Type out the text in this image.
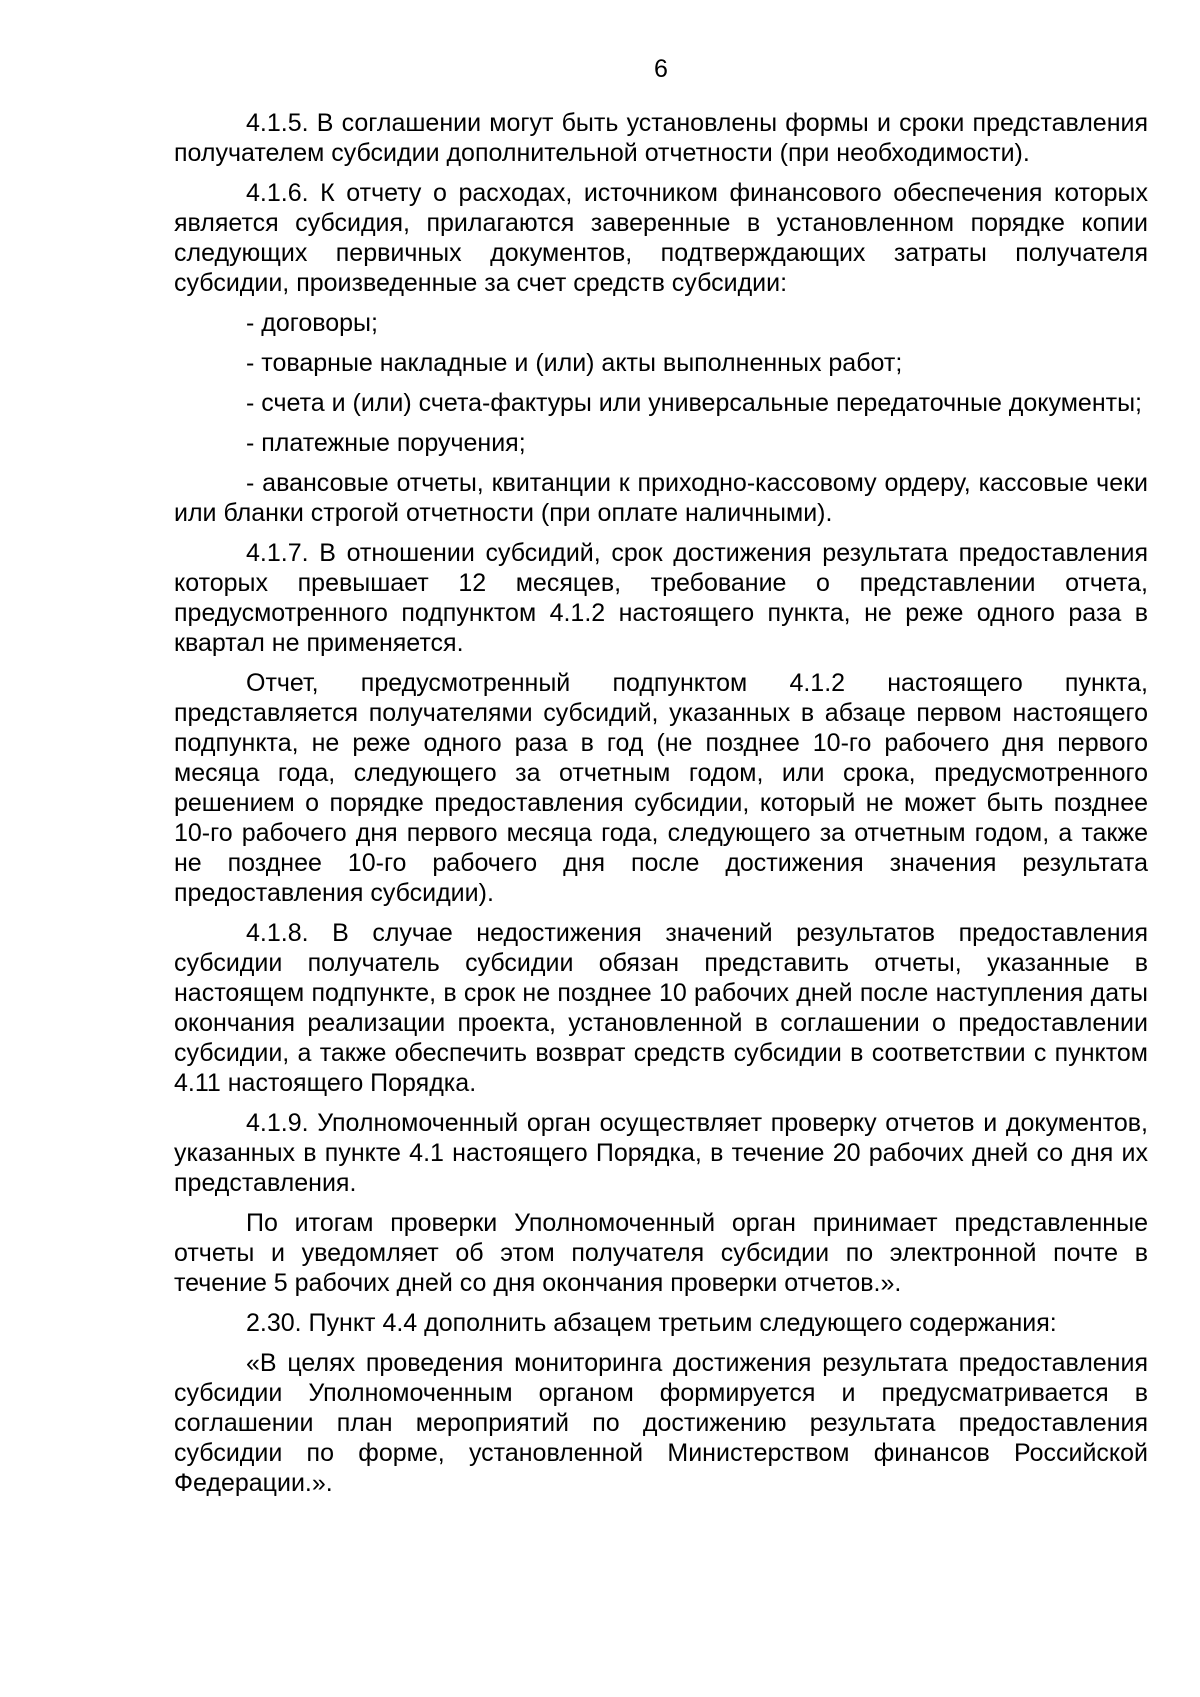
6

4.1.5. В соглашении могут быть установлены формы и сроки представления получателем субсидии дополнительной отчетности (при необходимости).

4.1.6. К отчету о расходах, источником финансового обеспечения которых является субсидия, прилагаются заверенные в установленном порядке копии следующих первичных документов, подтверждающих затраты получателя субсидии, произведенные за счет средств субсидии:

- договоры;

- товарные накладные и (или) акты выполненных работ;

- счета и (или) счета-фактуры или универсальные передаточные документы;

- платежные поручения;

- авансовые отчеты, квитанции к приходно-кассовому ордеру, кассовые чеки или бланки строгой отчетности (при оплате наличными).

4.1.7. В отношении субсидий, срок достижения результата предоставления которых превышает 12 месяцев, требование о представлении отчета, предусмотренного подпунктом 4.1.2 настоящего пункта, не реже одного раза в квартал не применяется.

Отчет, предусмотренный подпунктом 4.1.2 настоящего пункта, представляется получателями субсидий, указанных в абзаце первом настоящего подпункта, не реже одного раза в год (не позднее 10-го рабочего дня первого месяца года, следующего за отчетным годом, или срока, предусмотренного решением о порядке предоставления субсидии, который не может быть позднее 10-го рабочего дня первого месяца года, следующего за отчетным годом, а также не позднее 10-го рабочего дня после достижения значения результата предоставления субсидии).

4.1.8. В случае недостижения значений результатов предоставления субсидии получатель субсидии обязан представить отчеты, указанные в настоящем подпункте, в срок не позднее 10 рабочих дней после наступления даты окончания реализации проекта, установленной в соглашении о предоставлении субсидии, а также обеспечить возврат средств субсидии в соответствии с пунктом 4.11 настоящего Порядка.

4.1.9. Уполномоченный орган осуществляет проверку отчетов и документов, указанных в пункте 4.1 настоящего Порядка, в течение 20 рабочих дней со дня их представления.

По итогам проверки Уполномоченный орган принимает представленные отчеты и уведомляет об этом получателя субсидии по электронной почте в течение 5 рабочих дней со дня окончания проверки отчетов.».

2.30. Пункт 4.4 дополнить абзацем третьим следующего содержания:

«В целях проведения мониторинга достижения результата предоставления субсидии Уполномоченным органом формируется и предусматривается в соглашении план мероприятий по достижению результата предоставления субсидии по форме, установленной Министерством финансов Российской Федерации.».
